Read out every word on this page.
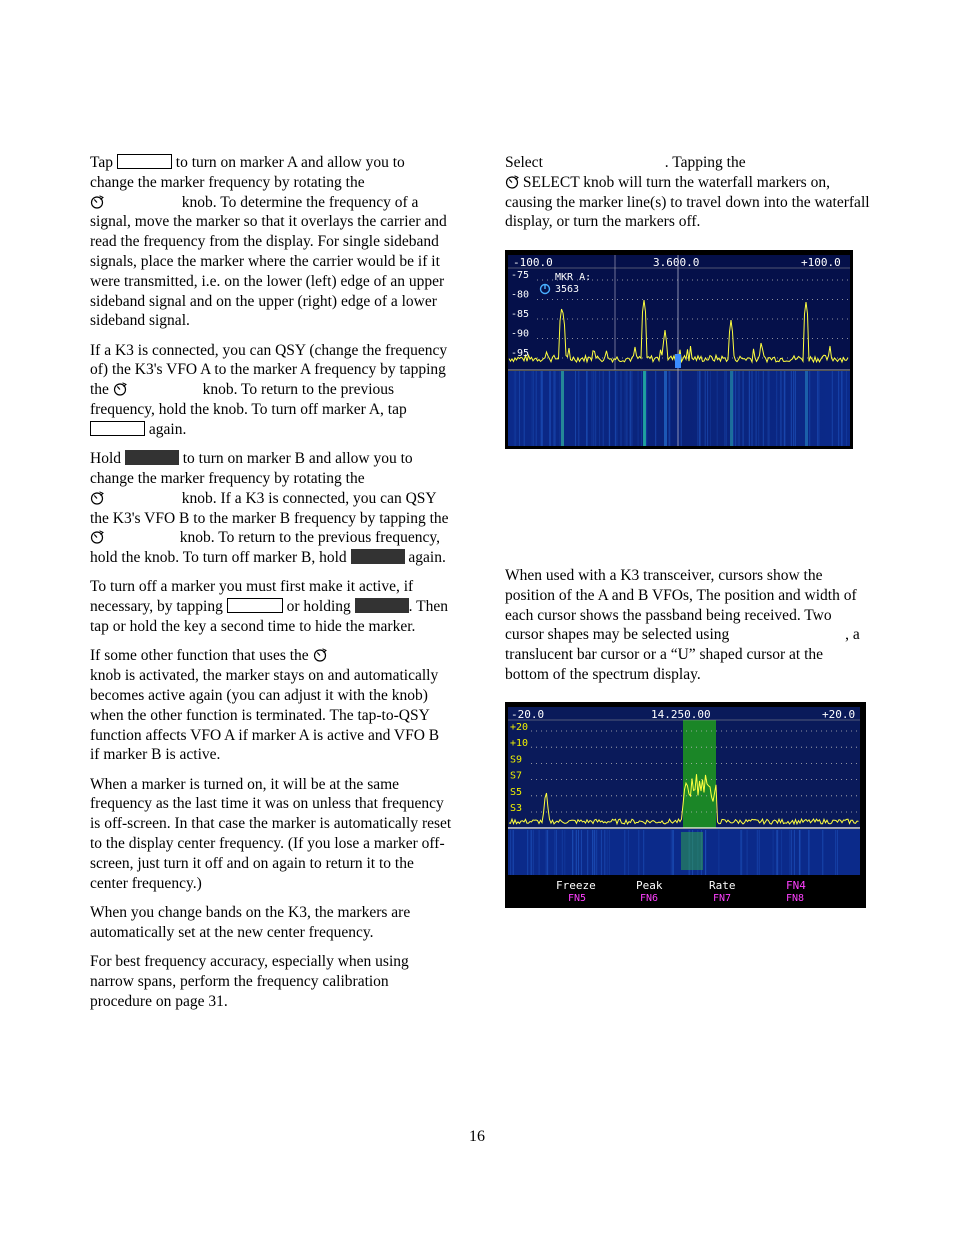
Tap	to turn on marker A and allow you to change the marker frequency by rotating the

knob. To determine the frequency of a signal, move the marker so that it overlays the carrier and read the frequency from the display. For single sideband signals, place the marker where the carrier would be if it were transmitted, i.e. on the lower (left) edge of an upper sideband signal and on the upper (right) edge of a lower sideband signal.

If a K3 is connected, you can QSY (change the frequency of) the K3's VFO A to the marker A frequency by tapping the	knob. To return to the previous frequency, hold the knob. To turn off marker A, tap  again.

Hold	to turn on marker B and allow you to change the marker frequency by rotating the

knob. If a K3 is connected, you can QSY the K3's VFO B to the marker B frequency by tapping the
knob. To return to the previous frequency, hold the knob. To turn off marker B, hold	again.

To turn off a marker you must first make it active, if necessary, by tapping	or holding	. Then tap or hold the key a second time to hide the marker.

If some other function that uses the

knob is activated, the marker stays on and automatically becomes active again (you can adjust it with the knob) when the other function is terminated. The tap-to-QSY function affects VFO A if marker A is active and VFO B if marker B is active.

When a marker is turned on, it will be at the same frequency as the last time it was on unless that frequency is off-screen. In that case the marker is automatically reset to the display center frequency. (If you lose a marker off-screen, just turn it off and on again to return it to the center frequency.)

When you change bands on the K3, the markers are automatically set at the new center frequency.

For best frequency accuracy, especially when using narrow spans, perform the frequency calibration procedure on page 31.

Select	. Tapping the

SELECT knob will turn the waterfall markers on, causing the marker line(s) to travel down into the waterfall display, or turn the markers off.

When used with a K3 transceiver, cursors show the position of the A and B VFOs, The position and width of each cursor shows the passband being received. Two cursor shapes may be selected using	, a translucent bar cursor or a “U” shaped cursor at the bottom of the spectrum display.

-100.0	3.600.0	+100.0
-75
-80
-85
-90
-95
MKR A:
3563
-20.0	14.250.00	+20.0
+20
+10
S9
S7
S5
S3
Freeze	Peak	Rate	FN4
FN5	FN6	FN7	FN8
16
